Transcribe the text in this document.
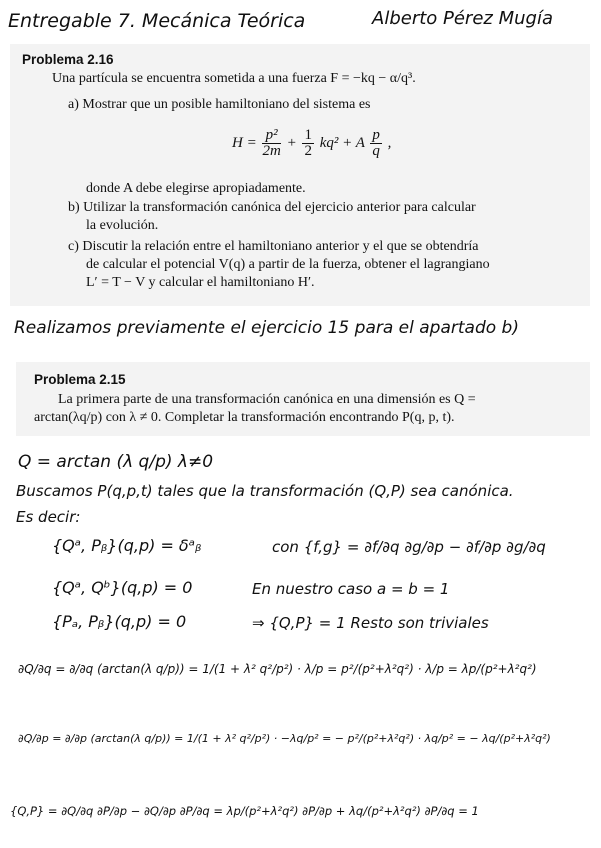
Entregable 7. Mecánica Teórica	Alberto Pérez Mugía
Problema 2.16
Una partícula se encuentra sometida a una fuerza F = −kq − α/q³.
a) Mostrar que un posible hamiltoniano del sistema es
$H = \frac{\text{p²}}{2m} + \frac{1}{2} kq^2 + A \frac{p}{q}$ ,
donde A debe elegirse apropiadamente.
b) Utilizar la transformación canónica del ejercicio anterior para calcular
la evolución.
c) Discutir la relación entre el hamiltoniano anterior y el que se obtendría
de calcular el potencial V(q) a partir de la fuerza, obtener el lagrangiano
L′ = T − V y calcular el hamiltoniano H′.
Realizamos previamente el ejercicio 15 para el apartado b)
Problema 2.15
La primera parte de una transformación canónica en una dimensión es Q =
arctan(λq/p) con λ ≠ 0. Completar la transformación encontrando P(q, p, t).
Q = arctan (λ q/p) λ≠0
Buscamos P(q,p,t) tales que la transformación (Q,P) sea canónica.
Es decir:
{Qᵃ, Pᵦ}(q,p) = δᵃᵦ	con {f,g} = ∂f/∂q ∂g/∂p − ∂f/∂p ∂g/∂q
{Qᵃ, Qᵇ}(q,p) = 0	En nuestro caso a = b = 1
{Pₐ, Pᵦ}(q,p) = 0	⇒ {Q,P} = 1 Resto son triviales
∂Q/∂q = ∂/∂q (arctan(λ q/p)) = 1/(1 + λ² q²/p²) · λ/p = p²/(p²+λ²q²) · λ/p = λp/(p²+λ²q²)
∂Q/∂p = ∂/∂p (arctan(λ q/p)) = 1/(1 + λ² q²/p²) · −λq/p² = − p²/(p²+λ²q²) · λq/p² = − λq/(p²+λ²q²)
{Q,P} = ∂Q/∂q ∂P/∂p − ∂Q/∂p ∂P/∂q = λp/(p²+λ²q²) ∂P/∂p + λq/(p²+λ²q²) ∂P/∂q = 1
